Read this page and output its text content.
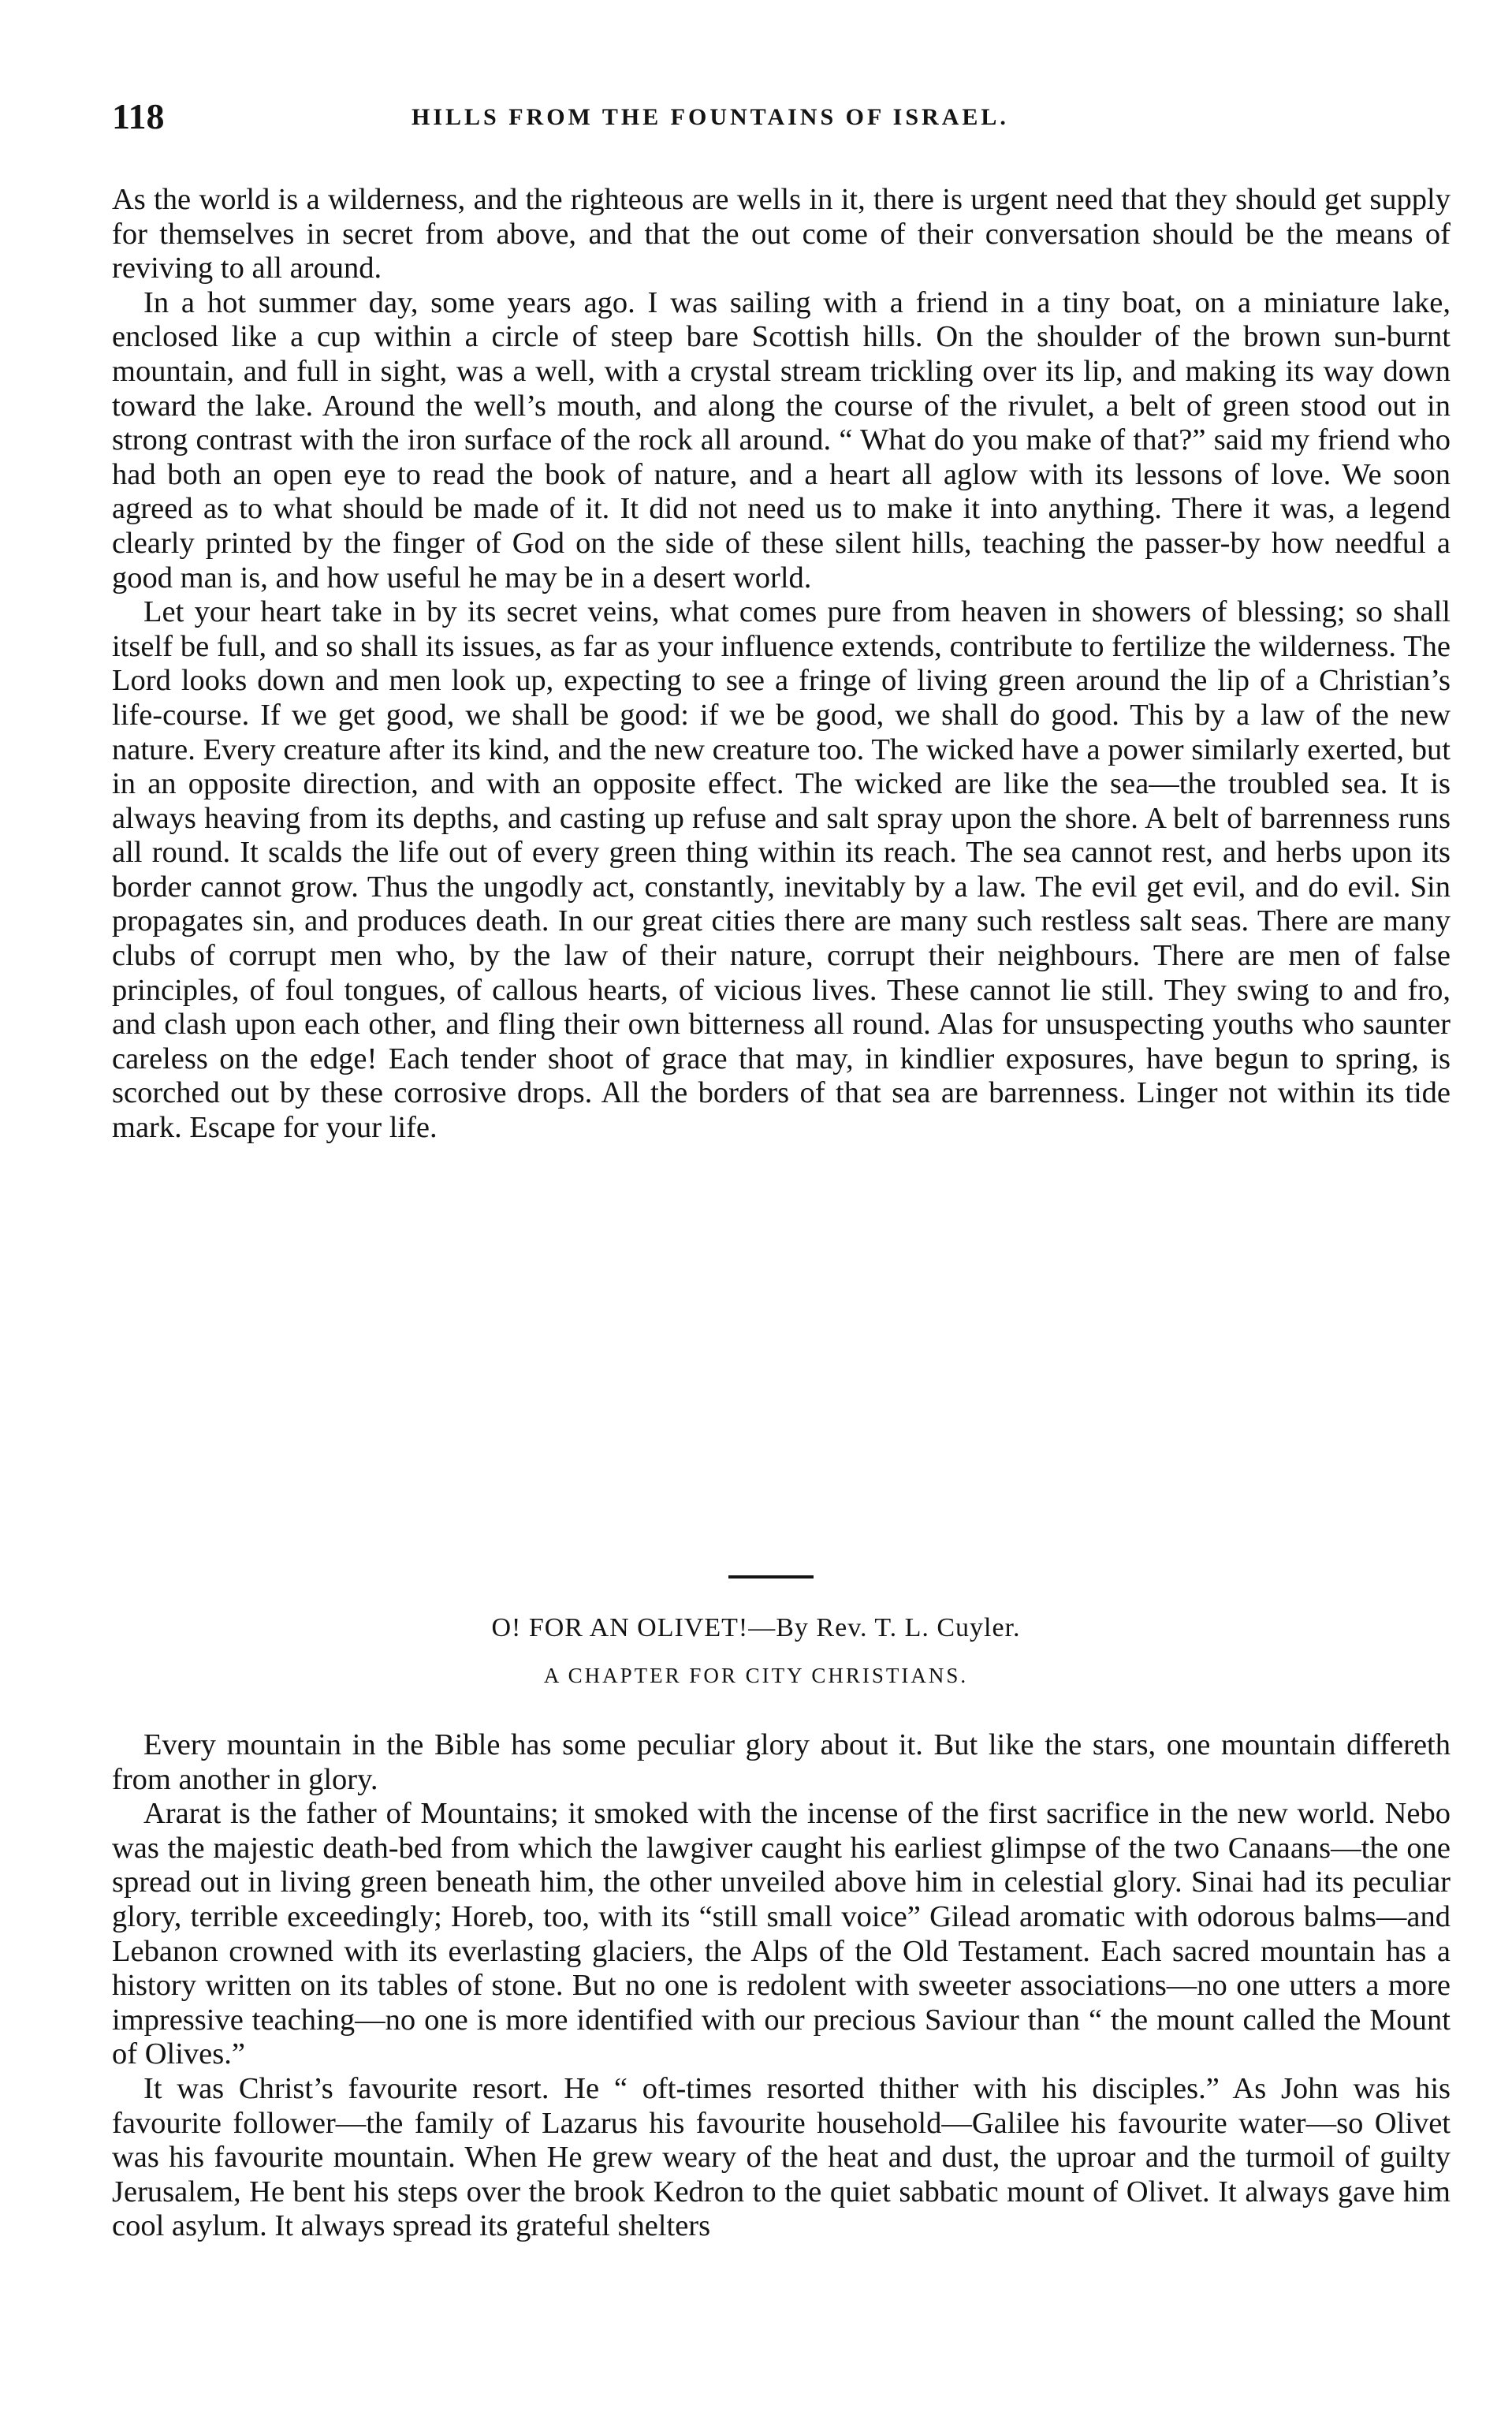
118	HILLS FROM THE FOUNTAINS OF ISRAEL.

As the world is a wilderness, and the righteous are wells in it, there is urgent need that they should get supply for themselves in secret from above, and that the out come of their conversation should be the means of reviving to all around.

In a hot summer day, some years ago. I was sailing with a friend in a tiny boat, on a miniature lake, enclosed like a cup within a circle of steep bare Scottish hills. On the shoulder of the brown sun-burnt mountain, and full in sight, was a well, with a crystal stream trickling over its lip, and making its way down toward the lake. Around the well’s mouth, and along the course of the rivulet, a belt of green stood out in strong contrast with the iron surface of the rock all around. “ What do you make of that?” said my friend who had both an open eye to read the book of nature, and a heart all aglow with its lessons of love. We soon agreed as to what should be made of it. It did not need us to make it into anything. There it was, a legend clearly printed by the finger of God on the side of these silent hills, teaching the passer-by how needful a good man is, and how useful he may be in a desert world.

Let your heart take in by its secret veins, what comes pure from heaven in showers of blessing; so shall itself be full, and so shall its issues, as far as your influence extends, contribute to fertilize the wilderness. The Lord looks down and men look up, expecting to see a fringe of living green around the lip of a Christian’s life-course. If we get good, we shall be good: if we be good, we shall do good. This by a law of the new nature. Every creature after its kind, and the new creature too. The wicked have a power similarly exerted, but in an opposite direction, and with an opposite effect. The wicked are like the sea—the troubled sea. It is always heaving from its depths, and casting up refuse and salt spray upon the shore. A belt of barrenness runs all round. It scalds the life out of every green thing within its reach. The sea cannot rest, and herbs upon its border cannot grow. Thus the ungodly act, constantly, inevitably by a law. The evil get evil, and do evil. Sin propagates sin, and produces death. In our great cities there are many such restless salt seas. There are many clubs of corrupt men who, by the law of their nature, corrupt their neighbours. There are men of false principles, of foul tongues, of callous hearts, of vicious lives. These cannot lie still. They swing to and fro, and clash upon each other, and fling their own bitterness all round. Alas for unsuspecting youths who saunter careless on the edge! Each tender shoot of grace that may, in kindlier exposures, have begun to spring, is scorched out by these corrosive drops. All the borders of that sea are barrenness. Linger not within its tide mark. Escape for your life.

O! FOR AN OLIVET!—By Rev. T. L. Cuyler.
A CHAPTER FOR CITY CHRISTIANS.

Every mountain in the Bible has some peculiar glory about it. But like the stars, one mountain differeth from another in glory.

Ararat is the father of Mountains; it smoked with the incense of the first sacrifice in the new world. Nebo was the majestic death-bed from which the lawgiver caught his earliest glimpse of the two Canaans—the one spread out in living green beneath him, the other unveiled above him in celestial glory. Sinai had its peculiar glory, terrible exceedingly; Horeb, too, with its “still small voice” Gilead aromatic with odorous balms—and Lebanon crowned with its everlasting glaciers, the Alps of the Old Testament. Each sacred mountain has a history written on its tables of stone. But no one is redolent with sweeter associations—no one utters a more impressive teaching—no one is more identified with our precious Saviour than “ the mount called the Mount of Olives.”

It was Christ’s favourite resort. He “ oft-times resorted thither with his disciples.” As John was his favourite follower—the family of Lazarus his favourite household—Galilee his favourite water—so Olivet was his favourite mountain. When He grew weary of the heat and dust, the uproar and the turmoil of guilty Jerusalem, He bent his steps over the brook Kedron to the quiet sabbatic mount of Olivet. It always gave him cool asylum. It always spread its grateful shelters
